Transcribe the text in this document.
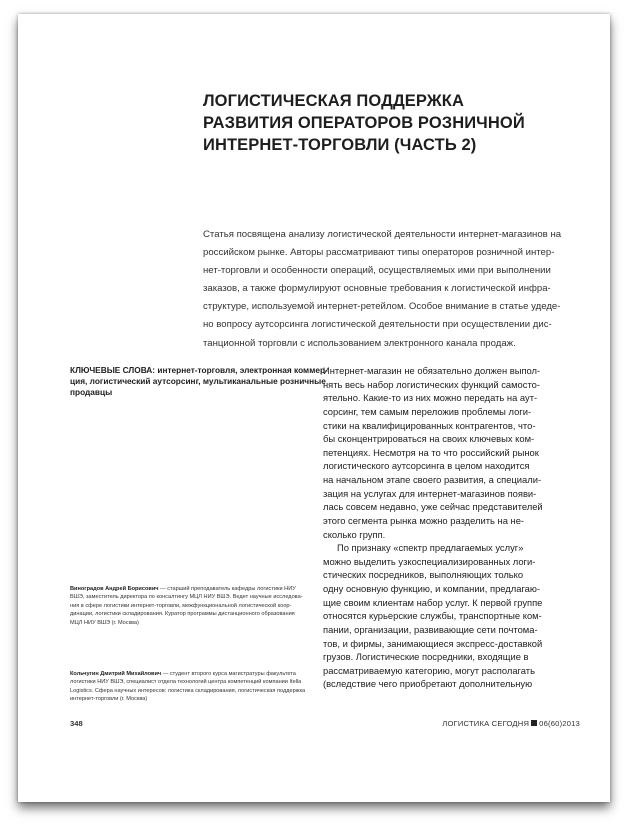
ЛОГИСТИЧЕСКАЯ ПОДДЕРЖКА
РАЗВИТИЯ ОПЕРАТОРОВ РОЗНИЧНОЙ
ИНТЕРНЕТ-ТОРГОВЛИ (ЧАСТЬ 2)
Статья посвящена анализу логистической деятельности интернет-магазинов на
российском рынке. Авторы рассматривают типы операторов розничной интер-
нет-торговли и особенности операций, осуществляемых ими при выполнении
заказов, а также формулируют основные требования к логистической инфра-
структуре, используемой интернет-ретейлом. Особое внимание в статье удеде-
но вопросу аутсорсинга логистической деятельности при осуществлении дис-
танционной торговли с использованием электронного канала продаж.
КЛЮЧЕВЫЕ СЛОВА: интернет-торговля, электронная коммер-
ция, логистический аутсорсинг, мультиканальные розничные
продавцы
Виноградов Андрей Борисович — старший преподаватель кафедры логистики НИУ
ВШЭ, заместитель директора по консалтингу МЦЛ НИУ ВШЭ. Ведет научные исследова-
ния в сфере логистики интернет-торговли, межфункциональной логистической коор-
динации, логистики складирования. Куратор программы дистанционного образования
МЦЛ НИУ ВШЭ (г. Москва)
Кольчугин Дмитрий Михайлович — студент второго курса магистратуры факультета
логистики НИУ ВШЭ, специалист отдела технологий центра компетенций компании Itella
Logistics. Сфера научных интересов: логистика складирования, логистическая поддержка
интернет-торговли (г. Москва)
Интернет-магазин не обязательно должен выпол-
нять весь набор логистических функций самосто-
ятельно. Какие-то из них можно передать на аут-
сорсинг, тем самым переложив проблемы логи-
стики на квалифицированных контрагентов, что-
бы сконцентрироваться на своих ключевых ком-
петенциях. Несмотря на то что российский рынок
логистического аутсорсинга в целом находится
на начальном этапе своего развития, а специали-
зация на услугах для интернет-магазинов появи-
лась совсем недавно, уже сейчас представителей
этого сегмента рынка можно разделить на не-
сколько групп.
По признаку «спектр предлагаемых услуг»
можно выделить узкоспециализированных логи-
стических посредников, выполняющих только
одну основную функцию, и компании, предлагаю-
щие своим клиентам набор услуг. К первой группе
относятся курьерские службы, транспортные ком-
пании, организации, развивающие сети почтома-
тов, и фирмы, занимающиеся экспресс-доставкой
грузов. Логистические посредники, входящие в
рассматриваемую категорию, могут располагать
(вследствие чего приобретают дополнительную
348	ЛОГИСТИКА СЕГОДНЯ 06(60)2013
